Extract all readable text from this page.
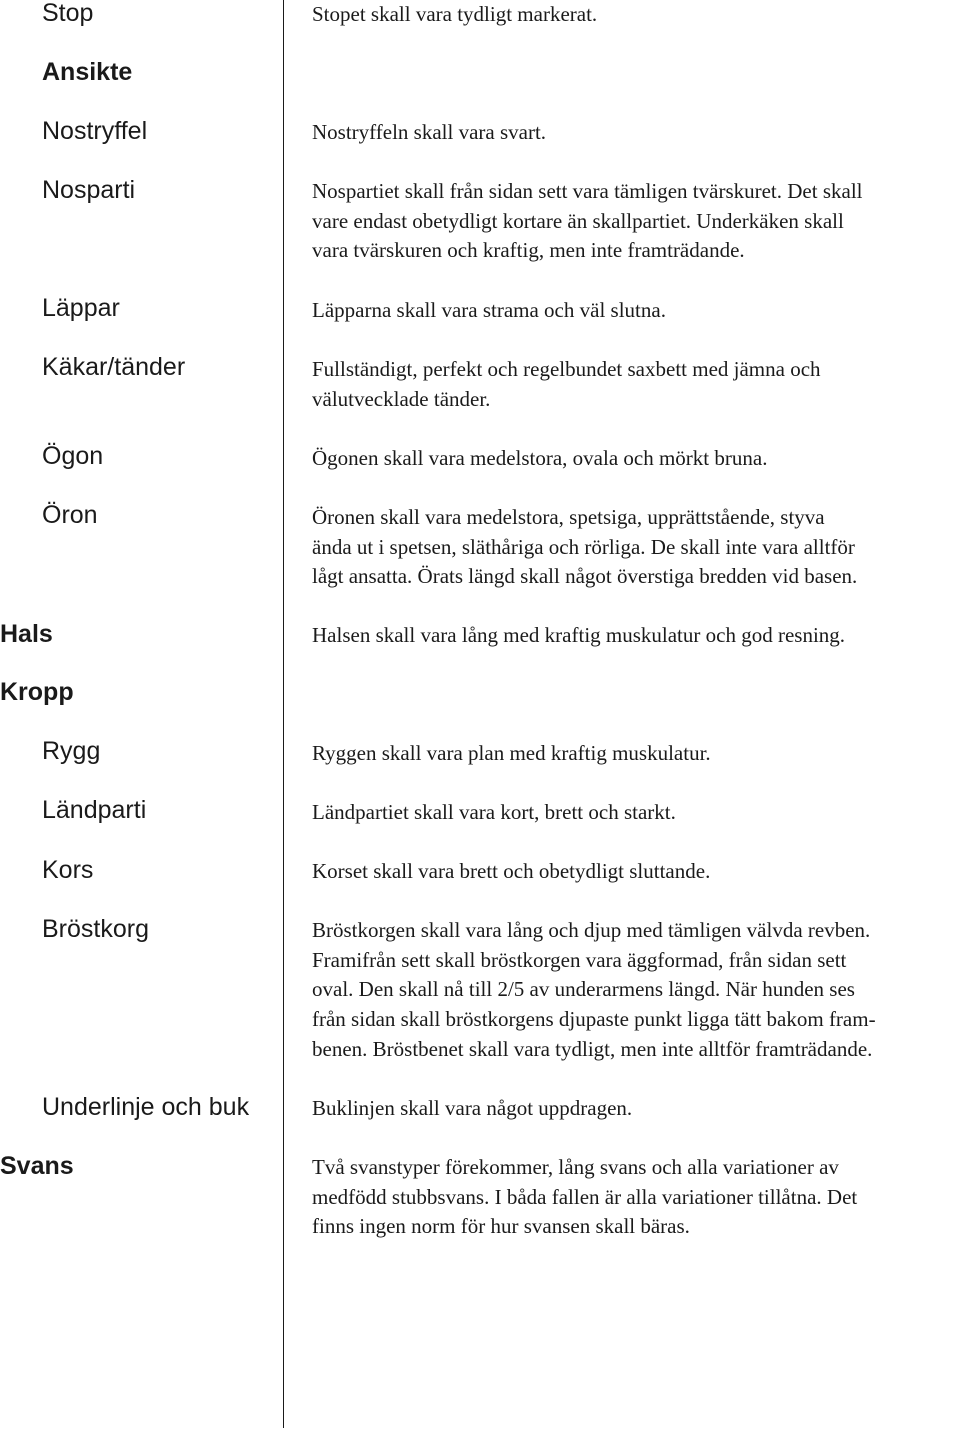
Stop
Ansikte
Nostryffel
Nosparti
Läppar
Käkar/tänder
Ögon
Öron
Hals
Kropp
Rygg
Ländparti
Kors
Bröstkorg
Underlinje och buk
Svans
Stopet skall vara tydligt markerat.
Nostryffeln skall vara svart.
Nospartiet skall från sidan sett vara tämligen tvärskuret. Det skall
vare endast obetydligt kortare än skallpartiet. Underkäken skall
vara tvärskuren och kraftig, men inte framträdande.
Läpparna skall vara strama och väl slutna.
Fullständigt, perfekt och regelbundet saxbett med jämna och
välutvecklade tänder.
Ögonen skall vara medelstora, ovala och mörkt bruna.
Öronen skall vara medelstora, spetsiga, upprättstående, styva
ända ut i spetsen, släthåriga och rörliga. De skall inte vara alltför
lågt ansatta. Örats längd skall något överstiga bredden vid basen.
Halsen skall vara lång med kraftig muskulatur och god resning.
Ryggen skall vara plan med kraftig muskulatur.
Ländpartiet skall vara kort, brett och starkt.
Korset skall vara brett och obetydligt sluttande.
Bröstkorgen skall vara lång och djup med tämligen välvda revben.
Framifrån sett skall bröstkorgen vara äggformad, från sidan sett
oval. Den skall nå till 2/5 av underarmens längd. När hunden ses
från sidan skall bröstkorgens djupaste punkt ligga tätt bakom fram-
benen. Bröstbenet skall vara tydligt, men inte alltför framträdande.
Buklinjen skall vara något uppdragen.
Två svanstyper förekommer, lång svans och alla variationer av
medfödd stubbsvans. I båda fallen är alla variationer tillåtna. Det
finns ingen norm för hur svansen skall bäras.
